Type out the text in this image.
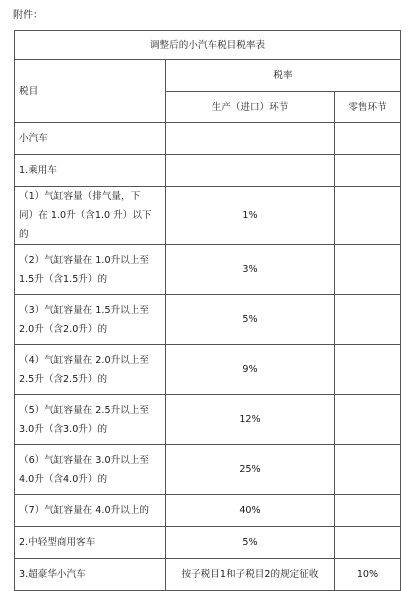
附件：
调整后的小汽车税目税率表		
税目	税率	
	生产（进口）环节	零售环节
小汽车		
1.乘用车		

（1）气缸容量（排气量，下
同）在 1.0升（含1.0 升）以下的	1%	

（2）气缸容量在 1.0升以上至
1.5升（含1.5升）的	3%	

（3）气缸容量在 1.5升以上至
2.0升（含2.0升）的	5%	

（4）气缸容量在 2.0升以上至
2.5升（含2.5升）的	9%	

（5）气缸容量在 2.5升以上至
3.0升（含3.0升）的	12%	

（6）气缸容量在 3.0升以上至
4.0升（含4.0升）的	25%	
（7）气缸容量在 4.0升以上的	40%	
2.中轻型商用客车	5%	
3.超豪华小汽车	按子税目1和子税目2的规定征收	10%
